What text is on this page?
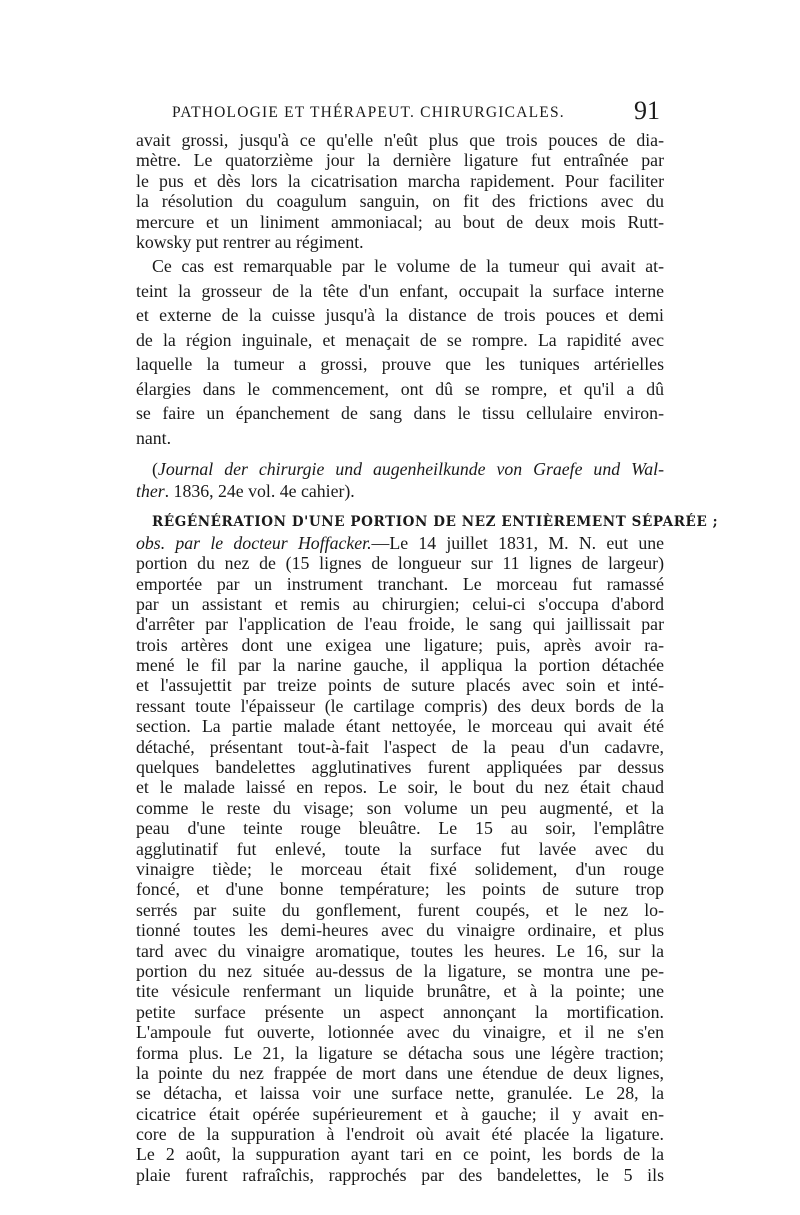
PATHOLOGIE ET THÉRAPEUT. CHIRURGICALES.	91
avait grossi, jusqu'à ce qu'elle n'eût plus que trois pouces de dia-
mètre. Le quatorzième jour la dernière ligature fut entraînée par
le pus et dès lors la cicatrisation marcha rapidement. Pour faciliter
la résolution du coagulum sanguin, on fit des frictions avec du
mercure et un liniment ammoniacal; au bout de deux mois Rutt-
kowsky put rentrer au régiment.
Ce cas est remarquable par le volume de la tumeur qui avait at-
teint la grosseur de la tête d'un enfant, occupait la surface interne
et externe de la cuisse jusqu'à la distance de trois pouces et demi
de la région inguinale, et menaçait de se rompre. La rapidité avec
laquelle la tumeur a grossi, prouve que les tuniques artérielles
élargies dans le commencement, ont dû se rompre, et qu'il a dû
se faire un épanchement de sang dans le tissu cellulaire environ-
nant.
(Journal der chirurgie und augenheilkunde von Graefe und Wal-
ther. 1836, 24e vol. 4e cahier).
RÉGÉNÉRATION D'UNE PORTION DE NEZ ENTIÈREMENT SÉPARÉE ;
obs. par le docteur Hoffacker.—Le 14 juillet 1831, M. N. eut une
portion du nez de (15 lignes de longueur sur 11 lignes de largeur)
emportée par un instrument tranchant. Le morceau fut ramassé
par un assistant et remis au chirurgien; celui-ci s'occupa d'abord
d'arrêter par l'application de l'eau froide, le sang qui jaillissait par
trois artères dont une exigea une ligature; puis, après avoir ra-
mené le fil par la narine gauche, il appliqua la portion détachée
et l'assujettit par treize points de suture placés avec soin et inté-
ressant toute l'épaisseur (le cartilage compris) des deux bords de la
section. La partie malade étant nettoyée, le morceau qui avait été
détaché, présentant tout-à-fait l'aspect de la peau d'un cadavre,
quelques bandelettes agglutinatives furent appliquées par dessus
et le malade laissé en repos. Le soir, le bout du nez était chaud
comme le reste du visage; son volume un peu augmenté, et la
peau d'une teinte rouge bleuâtre. Le 15 au soir, l'emplâtre
agglutinatif fut enlevé, toute la surface fut lavée avec du
vinaigre tiède; le morceau était fixé solidement, d'un rouge
foncé, et d'une bonne température; les points de suture trop
serrés par suite du gonflement, furent coupés, et le nez lo-
tionné toutes les demi-heures avec du vinaigre ordinaire, et plus
tard avec du vinaigre aromatique, toutes les heures. Le 16, sur la
portion du nez située au-dessus de la ligature, se montra une pe-
tite vésicule renfermant un liquide brunâtre, et à la pointe; une
petite surface présente un aspect annonçant la mortification.
L'ampoule fut ouverte, lotionnée avec du vinaigre, et il ne s'en
forma plus. Le 21, la ligature se détacha sous une légère traction;
la pointe du nez frappée de mort dans une étendue de deux lignes,
se détacha, et laissa voir une surface nette, granulée. Le 28, la
cicatrice était opérée supérieurement et à gauche; il y avait en-
core de la suppuration à l'endroit où avait été placée la ligature.
Le 2 août, la suppuration ayant tari en ce point, les bords de la
plaie furent rafraîchis, rapprochés par des bandelettes, le 5 ils
